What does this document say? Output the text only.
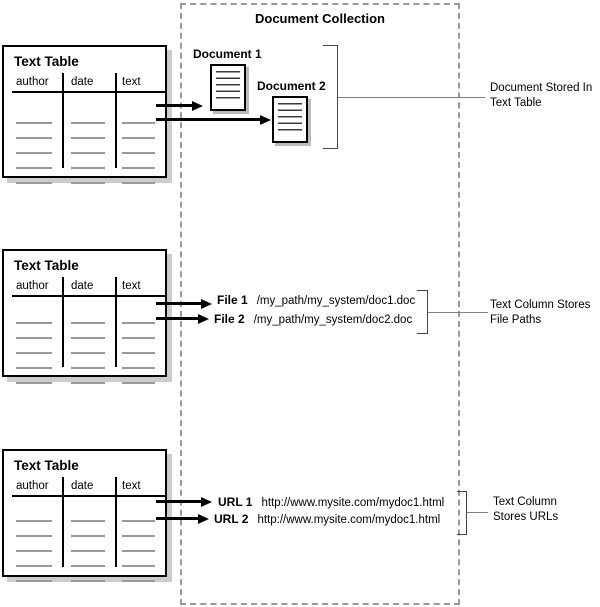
Document Collection
Text Table
author	date	text
Text Table
author	date	text
Text Table
author	date	text
Document 1
Document 2
File 1 /my_path/my_system/doc1.doc
File 2 /my_path/my_system/doc2.doc
URL 1 http://www.mysite.com/mydoc1.html
URL 2 http://www.mysite.com/mydoc1.html
Document Stored In
Text Table
Text Column Stores
File Paths
Text Column
Stores URLs
